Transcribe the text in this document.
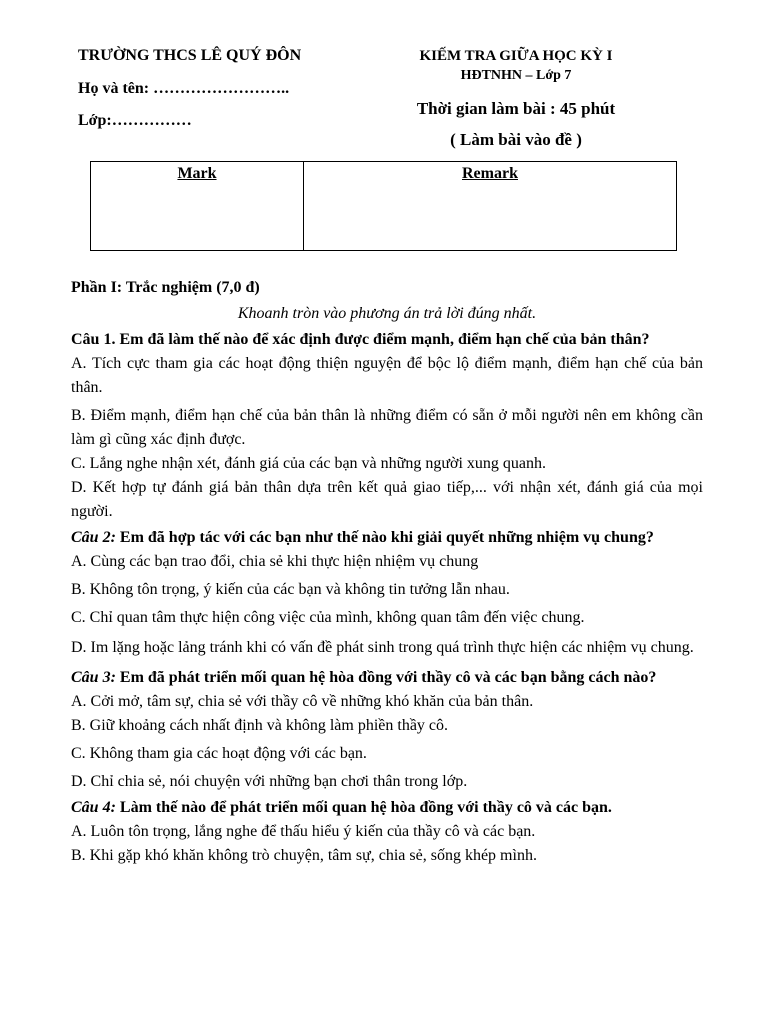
TRƯỜNG THCS LÊ QUÝ ĐÔN
Họ và tên: ……………………..
Lớp:……………
KIẾM TRA GIỮA HỌC KỲ I
HĐTNHN – Lớp 7
Thời gian làm bài : 45 phút
( Làm bài vào đề )
Mark	Remark

Phần I: Trắc nghiệm (7,0 đ)

Khoanh tròn vào phương án trả lời đúng nhất.

Câu 1. Em đã làm thế nào để xác định được điểm mạnh, điểm hạn chế của bản thân?

A. Tích cực tham gia các hoạt động thiện nguyện để bộc lộ điểm mạnh, điểm hạn chế của bản thân.

B. Điểm mạnh, điểm hạn chế của bản thân là những điểm có sẵn ở mỗi người nên em không cần làm gì cũng xác định được.

C. Lắng nghe nhận xét, đánh giá của các bạn và những người xung quanh.

D. Kết hợp tự đánh giá bản thân dựa trên kết quả giao tiếp,... với nhận xét, đánh giá của mọi người.

Câu 2: Em đã hợp tác với các bạn như thế nào khi giải quyết những nhiệm vụ chung?

A. Cùng các bạn trao đổi, chia sẻ khi thực hiện nhiệm vụ chung

B. Không tôn trọng, ý kiến của các bạn và không tin tưởng lẫn nhau.

C. Chỉ quan tâm thực hiện công việc của mình, không quan tâm đến việc chung.

D. Im lặng hoặc lảng tránh khi có vấn đề phát sinh trong quá trình thực hiện các nhiệm vụ chung.

Câu 3: Em đã phát triển mối quan hệ hòa đồng với thầy cô và các bạn bằng cách nào?

A. Cởi mở, tâm sự, chia sẻ với thầy cô về những khó khăn của bản thân.

B. Giữ khoảng cách nhất định và không làm phiền thầy cô.

C. Không tham gia các hoạt động với các bạn.

D. Chỉ chia sẻ, nói chuyện với những bạn chơi thân trong lớp.

Câu 4: Làm thế nào để phát triển mối quan hệ hòa đồng với thầy cô và các bạn.

A. Luôn tôn trọng, lắng nghe để thấu hiểu ý kiến của thầy cô và các bạn.

B. Khi gặp khó khăn không trò chuyện, tâm sự, chia sẻ, sống khép mình.
